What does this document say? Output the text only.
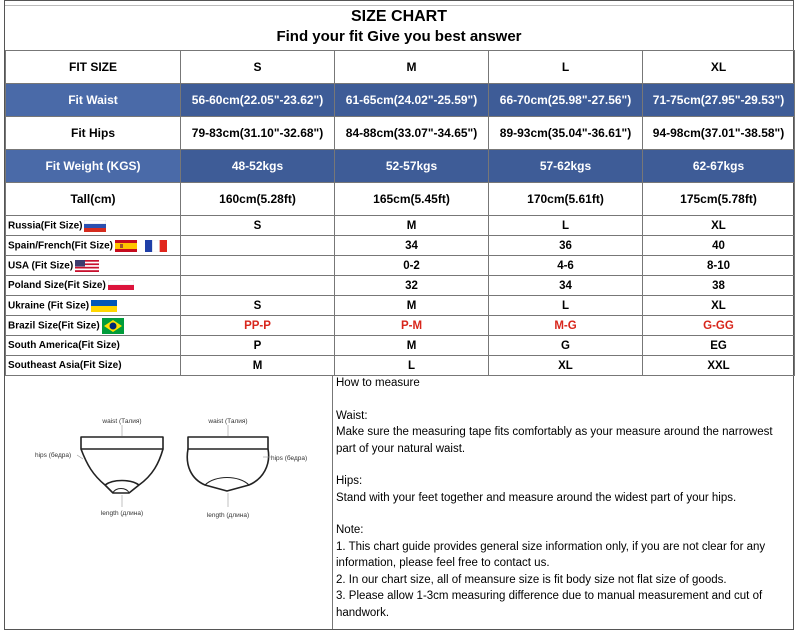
SIZE CHART
Find your fit Give you best answer
FIT SIZE	S	M	L	XL
Fit Waist	56-60cm(22.05"-23.62")	61-65cm(24.02"-25.59")	66-70cm(25.98"-27.56")	71-75cm(27.95"-29.53")
Fit Hips	79-83cm(31.10"-32.68")	84-88cm(33.07"-34.65")	89-93cm(35.04"-36.61")	94-98cm(37.01"-38.58")
Fit Weight (KGS)	48-52kgs	52-57kgs	57-62kgs	62-67kgs
Tall(cm)	160cm(5.28ft)	165cm(5.45ft)	170cm(5.61ft)	175cm(5.78ft)
Russia(Fit Size)	S	M	L	XL
Spain/French(Fit Size)		34	36	40
USA (Fit Size)		0-2	4-6	8-10
Poland Size(Fit Size)		32	34	38
Ukraine (Fit Size)	S	M	L	XL
Brazil Size(Fit Size)	PP-P	P-M	M-G	G-GG
South America(Fit Size)	P	M	G	EG
Southeast Asia(Fit Size)	M	L	XL	XXL
waist (Талия)
hips (бедра)
length (длина)
waist (Талия)
hips (бедра)
length (длина)

How to measure

Waist:

Make sure the measuring tape fits comfortably as your measure around the narrowest part of your natural waist.

Hips:

Stand with your feet together and measure around the widest part of your hips.

Note:

1. This chart guide provides general size information only, if you are not clear for any information, please feel free to contact us.

2. In our chart size, all of meansure size is fit body size not flat size of goods.

3. Please allow 1-3cm measuring difference due to manual measurement and cut of handwork.
